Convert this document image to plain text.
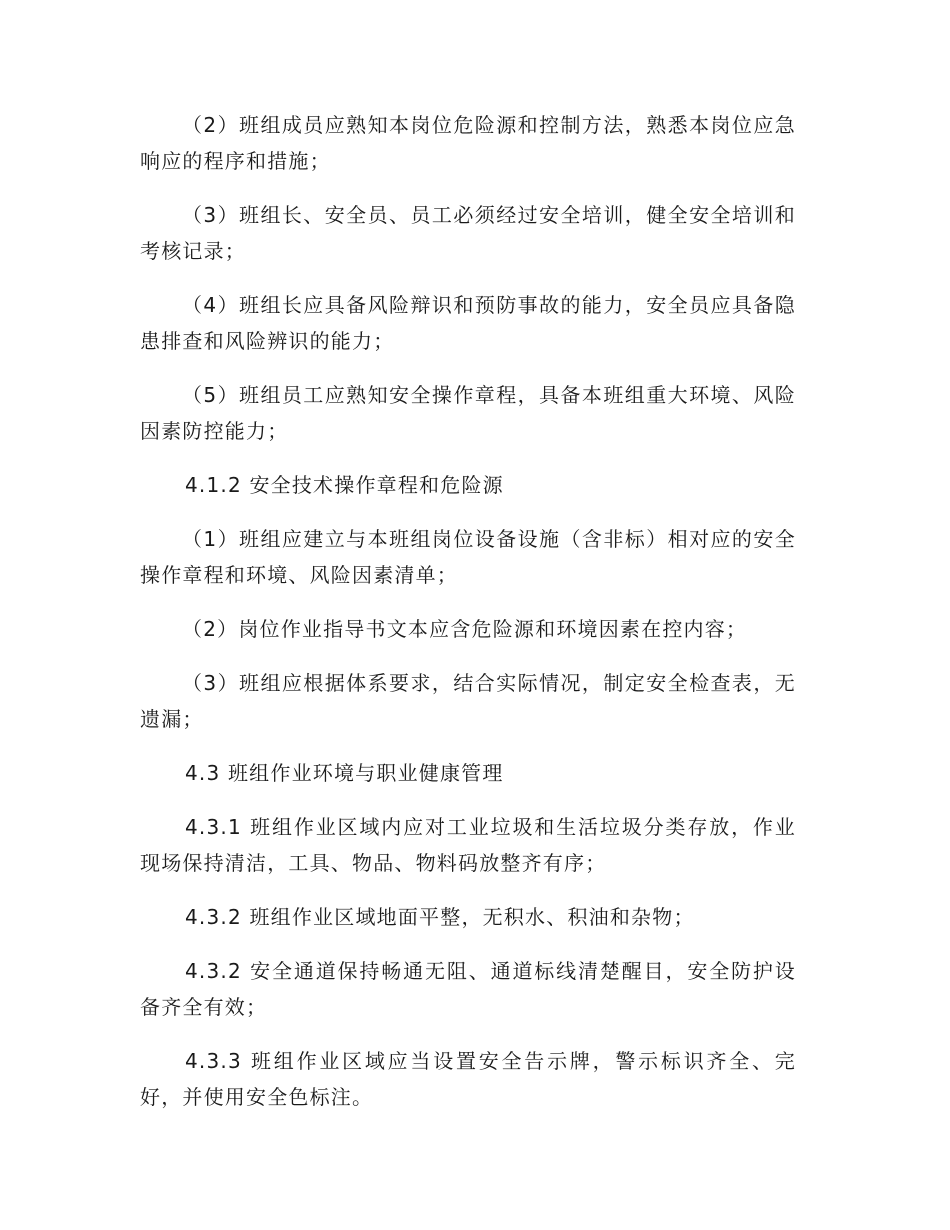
（2）班组成员应熟知本岗位危险源和控制方法，熟悉本岗位应急响应的程序和措施；

（3）班组长、安全员、员工必须经过安全培训，健全安全培训和考核记录；

（4）班组长应具备风险辩识和预防事故的能力，安全员应具备隐患排查和风险辨识的能力；

（5）班组员工应熟知安全操作章程，具备本班组重大环境、风险因素防控能力；

4.1.2 安全技术操作章程和危险源

（1）班组应建立与本班组岗位设备设施（含非标）相对应的安全操作章程和环境、风险因素清单；

（2）岗位作业指导书文本应含危险源和环境因素在控内容；

（3）班组应根据体系要求，结合实际情况，制定安全检查表，无遗漏；

4.3 班组作业环境与职业健康管理

4.3.1 班组作业区域内应对工业垃圾和生活垃圾分类存放，作业现场保持清洁，工具、物品、物料码放整齐有序；

4.3.2 班组作业区域地面平整，无积水、积油和杂物；

4.3.2 安全通道保持畅通无阻、通道标线清楚醒目，安全防护设备齐全有效；

4.3.3 班组作业区域应当设置安全告示牌，警示标识齐全、完好，并使用安全色标注。
